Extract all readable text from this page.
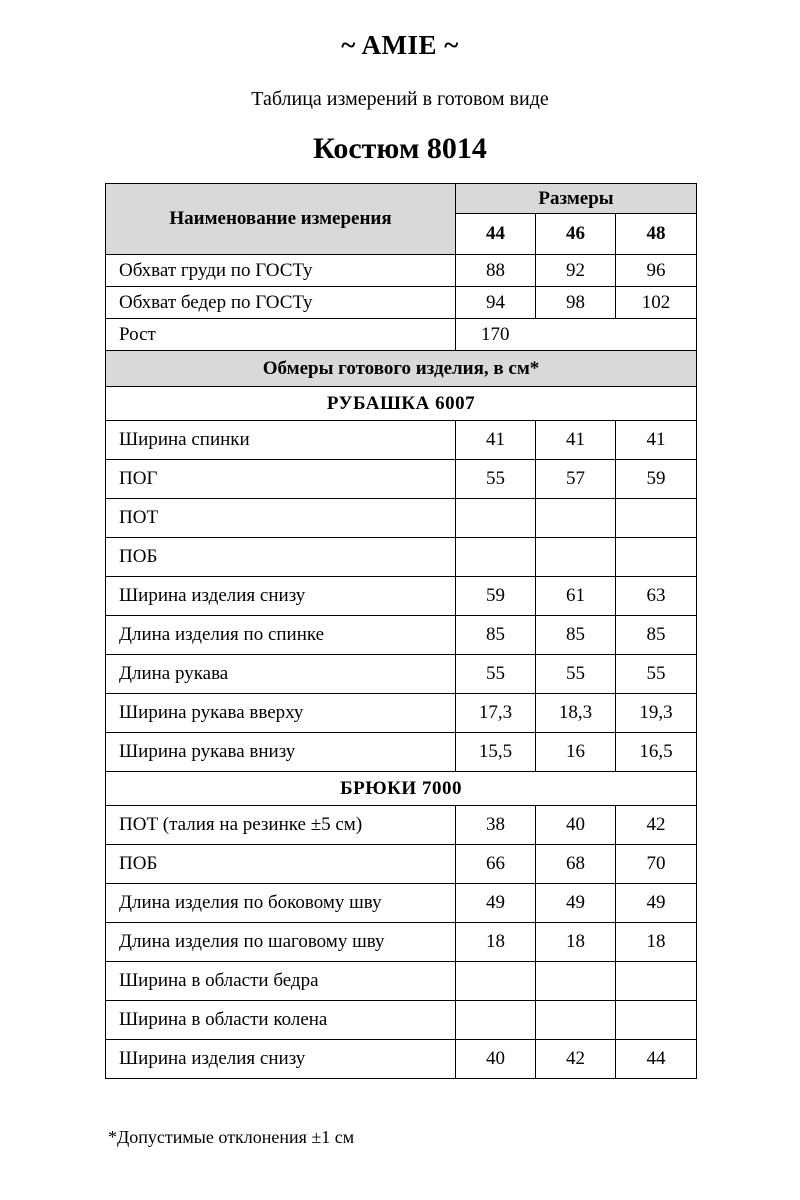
~ AMIE ~
Таблица измерений в готовом виде
Костюм 8014
Наименование измерения	Размеры		
	44	46	48
Обхват груди по ГОСТу	88	92	96
Обхват бедер по ГОСТу	94	98	102
Рост	170		
Обмеры готового изделия, в см*			
РУБАШКА 6007			
Ширина спинки	41	41	41
ПОГ	55	57	59
ПОТ			
ПОБ			
Ширина изделия снизу	59	61	63
Длина изделия по спинке	85	85	85
Длина рукава	55	55	55
Ширина рукава вверху	17,3	18,3	19,3
Ширина рукава внизу	15,5	16	16,5
БРЮКИ 7000			
ПОТ (талия на резинке ±5 см)	38	40	42
ПОБ	66	68	70
Длина изделия по боковому шву	49	49	49
Длина изделия по шаговому шву	18	18	18
Ширина в области бедра			
Ширина в области колена			
Ширина изделия снизу	40	42	44
*Допустимые отклонения ±1 см
